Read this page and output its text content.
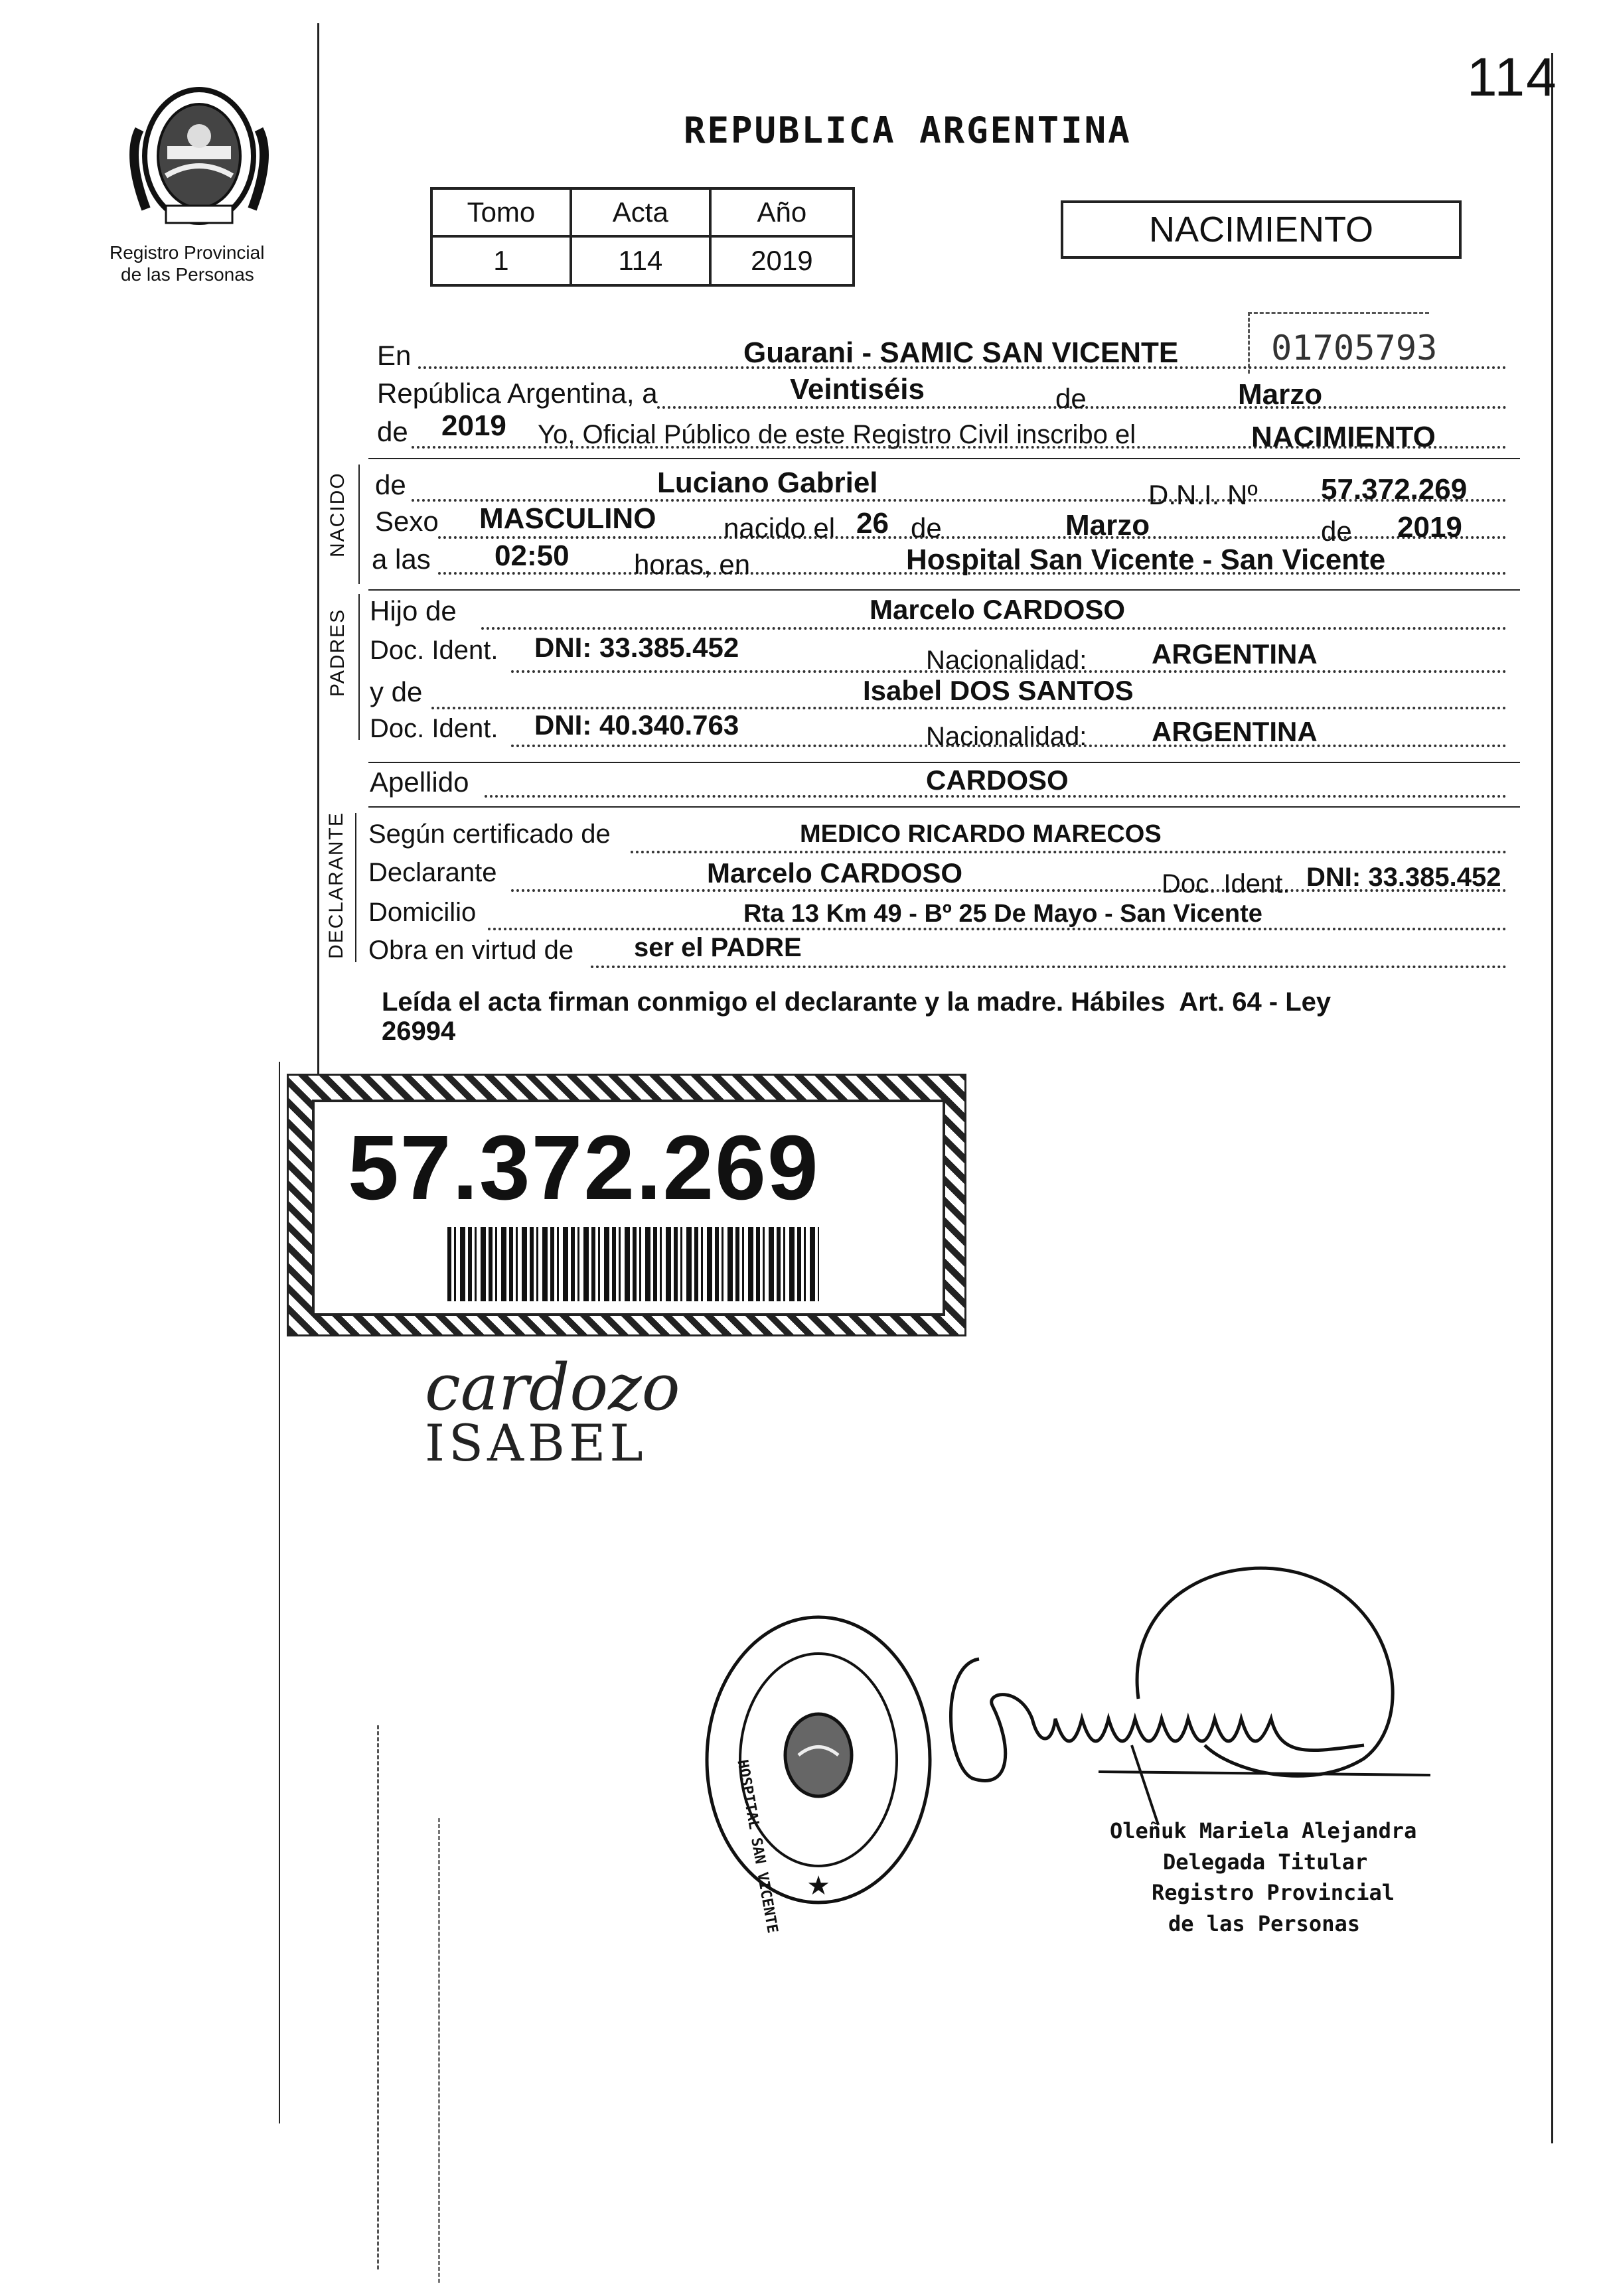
114
Registro Provincial
de las Personas
REPUBLICA ARGENTINA
Tomo	Acta	Año
1	114	2019
NACIMIENTO
01705793
En	Guarani - SAMIC SAN VICENTE
República Argentina, a	Veintiséis	de	Marzo
de 2019 Yo, Oficial Público de este Registro Civil inscribo el	NACIMIENTO
NACIDO de	Luciano Gabriel	D.N.I. Nº 57.372.269
Sexo MASCULINO nacido el 26 de	Marzo	de 2019
a las 02:50 horas, en	Hospital San Vicente - San Vicente
PADRES Hijo de	Marcelo CARDOSO
Doc. Ident. DNI: 33.385.452	Nacionalidad: ARGENTINA
y de	Isabel DOS SANTOS
Doc. Ident. DNI: 40.340.763	Nacionalidad: ARGENTINA
Apellido	CARDOSO
DECLARANTE Según certificado de	MEDICO RICARDO MARECOS
Declarante	Marcelo CARDOSO	Doc. Ident. DNI: 33.385.452
Domicilio	Rta 13 Km 49 - Bº 25 De Mayo - San Vicente
Obra en virtud de ser el PADRE
Leída el acta firman conmigo el declarante y la madre. Hábiles  Art. 64 - Ley
26994
57.372.269
cardozo
ISABEL
★
HOSPITAL SAN VICENTE	Oleñuk Mariela Alejandra
Delegada Titular
Registro Provincial
de las Personas
